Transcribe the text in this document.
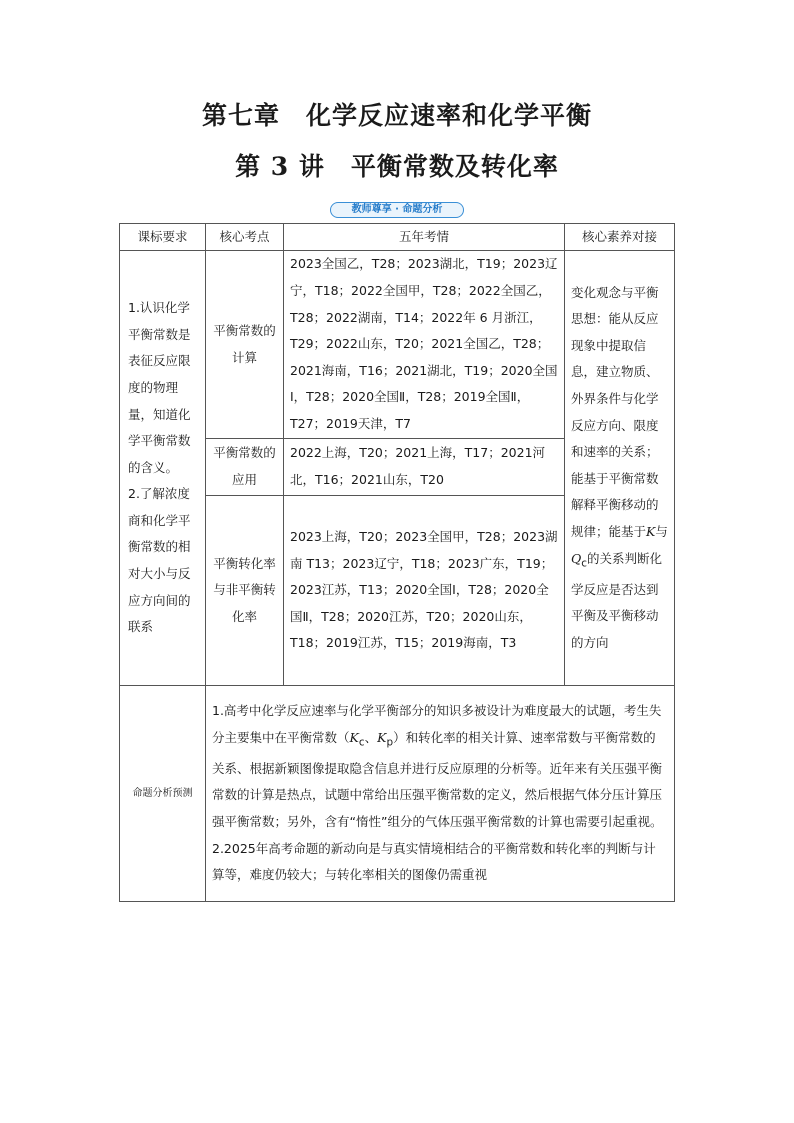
第七章　化学反应速率和化学平衡
第 3 讲　 平衡常数及转化率
教师尊享 · 命题分析
课标要求	核心考点	五年考情	核心素养对接

1.认识化学平衡常数是表征反应限度的物理量，知道化学平衡常数的含义。
2.了解浓度商和化学平衡常数的相对大小与反应方向间的联系	平衡常数的计算	2023全国乙，T28；2023湖北，T19；2023辽宁，T18；2022全国甲，T28；2022全国乙，T28；2022湖南，T14；2022年 6 月浙江，T29；2022山东，T20；2021全国乙，T28；2021海南，T16；2021湖北，T19；2020全国Ⅰ，T28；2020全国Ⅱ，T28；2019全国Ⅱ，T27；2019天津，T7	变化观念与平衡思想：能从反应现象中提取信息，建立物质、外界条件与化学反应方向、限度和速率的关系；能基于平衡常数解释平衡移动的规律；能基于K与$Q_c$的关系判断化学反应是否达到平衡及平衡移动的方向
	平衡常数的应用	2022上海，T20；2021上海，T17；2021河北，T16；2021山东，T20	
	平衡转化率与非平衡转化率	2023上海，T20；2023全国甲，T28；2023湖南 T13；2023辽宁，T18；2023广东，T19；2023江苏，T13；2020全国Ⅰ，T28；2020全国Ⅱ，T28；2020江苏，T20；2020山东，T18；2019江苏，T15；2019海南，T3	
命题分析预测	1.高考中化学反应速率与化学平衡部分的知识多被设计为难度最大的试题，考生失分主要集中在平衡常数（$K_c$、$K_p$）和转化率的相关计算、速率常数与平衡常数的关系、根据新颖图像提取隐含信息并进行反应原理的分析等。近年来有关压强平衡常数的计算是热点，试题中常给出压强平衡常数的定义，然后根据气体分压计算压强平衡常数；另外，含有“惰性”组分的气体压强平衡常数的计算也需要引起重视。
2.2025年高考命题的新动向是与真实情境相结合的平衡常数和转化率的判断与计算等，难度仍较大；与转化率相关的图像仍需重视		
